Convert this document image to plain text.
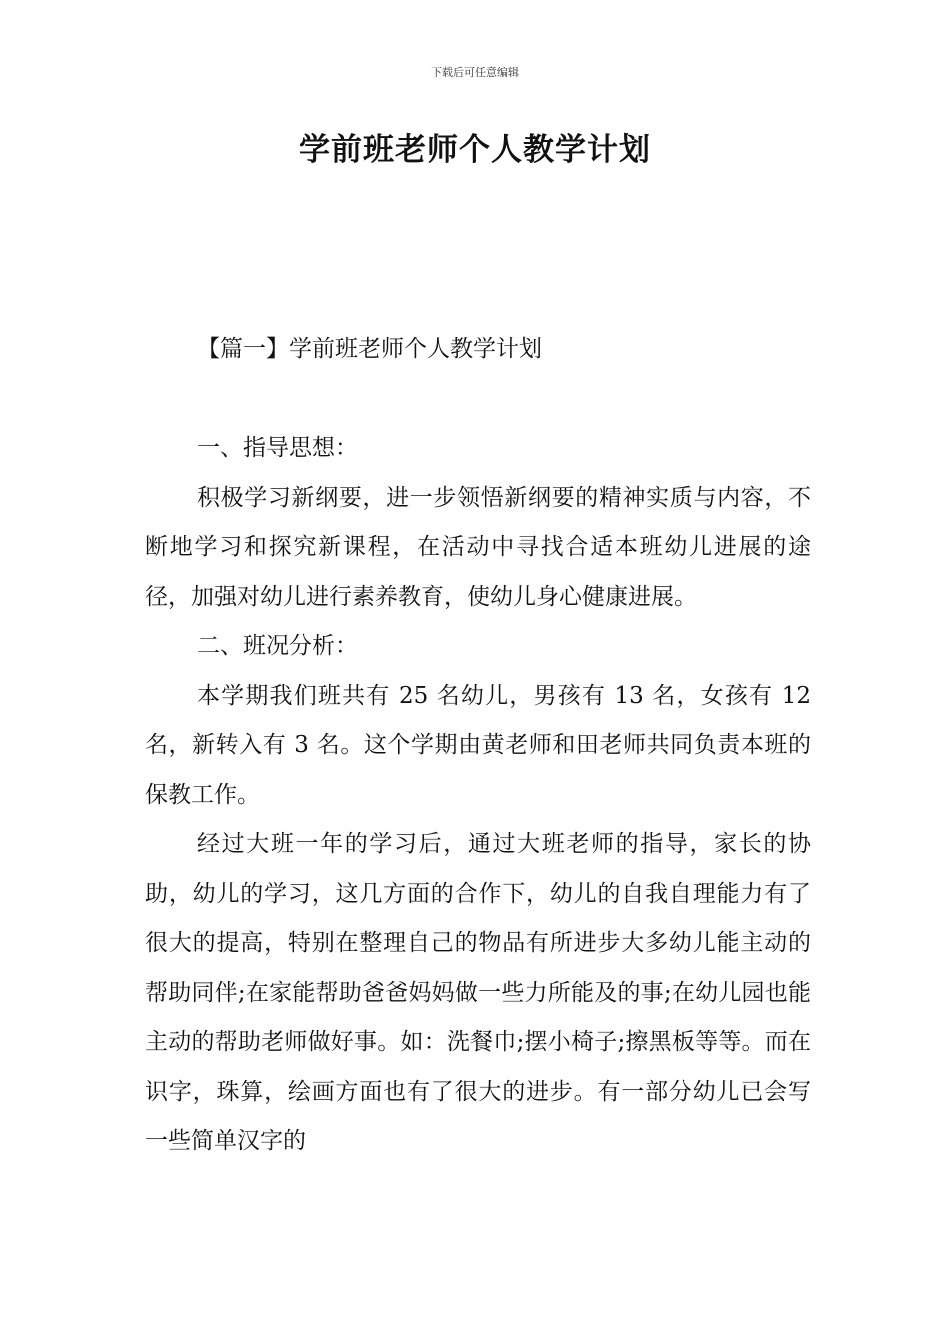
下载后可任意编辑
学前班老师个人教学计划
【篇一】学前班老师个人教学计划

一、指导思想：

积极学习新纲要，进一步领悟新纲要的精神实质与内容，不断地学习和探究新课程，在活动中寻找合适本班幼儿进展的途径，加强对幼儿进行素养教育，使幼儿身心健康进展。

二、班况分析：

本学期我们班共有 25 名幼儿，男孩有 13 名，女孩有 12 名，新转入有 3 名。这个学期由黄老师和田老师共同负责本班的保教工作。

经过大班一年的学习后，通过大班老师的指导，家长的协助，幼儿的学习，这几方面的合作下，幼儿的自我自理能力有了很大的提高，特别在整理自己的物品有所进步大多幼儿能主动的帮助同伴;在家能帮助爸爸妈妈做一些力所能及的事;在幼儿园也能主动的帮助老师做好事。如：洗餐巾;摆小椅子;擦黑板等等。而在识字，珠算，绘画方面也有了很大的进步。有一部分幼儿已会写一些简单汉字的
